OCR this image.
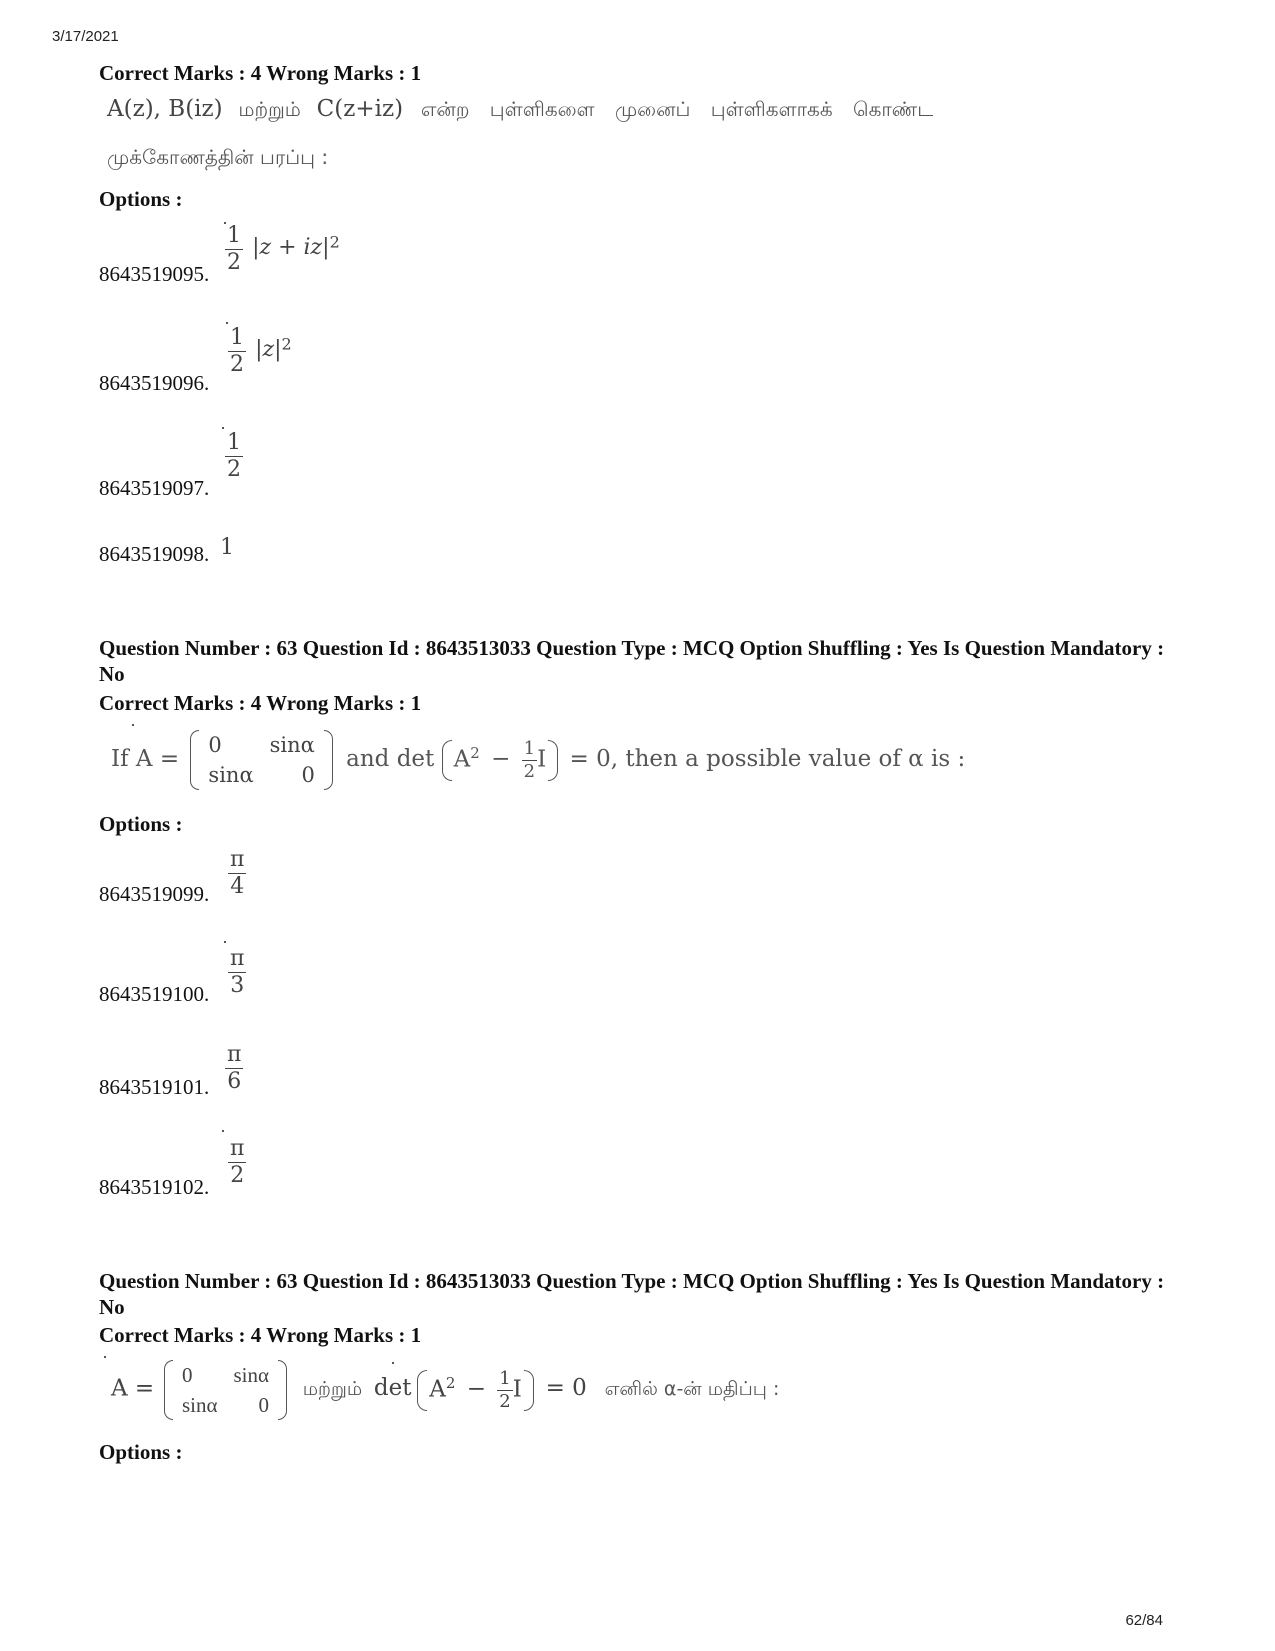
3/17/2021
62/84
Correct Marks : 4 Wrong Marks : 1
A(z), B(iz) மற்றும் C(z+iz) என்ற புள்ளிகளை முனைப் புள்ளிகளாகக் கொண்ட
முக்கோணத்தின் பரப்பு :
Options :
8643519095. $\frac{1}{2} |z + iz|^2$
8643519096.
$\frac{1}{2} |z|^2$
8643519097.
$\frac{1}{2}$
8643519098. 1
Question Number : 63 Question Id : 8643513033 Question Type : MCQ Option Shuffling : Yes Is Question Mandatory : No
Correct Marks : 4 Wrong Marks : 1
If A =
0	sinα
sinα	0
and $\det A^2 - \frac{1}{2}$ I = 0, then a possible value of α is :
Options :
8643519099. $\frac{\pi}{4}$
8643519100. $\frac{\pi}{3}$
8643519101. $\frac{\pi}{6}$
8643519102. $\frac{\pi}{2}$
Question Number : 63 Question Id : 8643513033 Question Type : MCQ Option Shuffling : Yes Is Question Mandatory : No
Correct Marks : 4 Wrong Marks : 1
A =
0	sinα
sinα	0
மற்றும் $\det A^2 - \frac{1}{2}$ I = 0 எனில் α-ன் மதிப்பு :
Options :
